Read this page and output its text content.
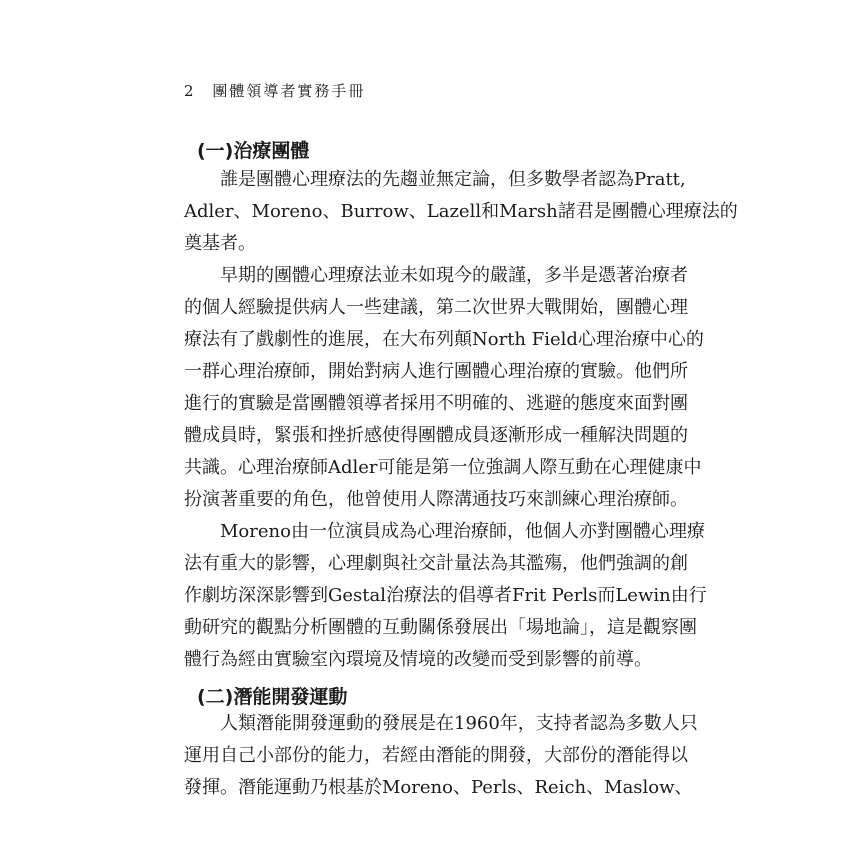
2 團體領導者實務手冊
(一)治療團體
誰是團體心理療法的先趨並無定論，但多數學者認為Pratt,
Adler、Moreno、Burrow、Lazell和Marsh諸君是團體心理療法的
奠基者。
早期的團體心理療法並未如現今的嚴謹，多半是憑著治療者
的個人經驗提供病人一些建議，第二次世界大戰開始，團體心理
療法有了戲劇性的進展，在大布列顛North Field心理治療中心的
一群心理治療師，開始對病人進行團體心理治療的實驗。他們所
進行的實驗是當團體領導者採用不明確的、逃避的態度來面對團
體成員時，緊張和挫折感使得團體成員逐漸形成一種解決問題的
共識。心理治療師Adler可能是第一位強調人際互動在心理健康中
扮演著重要的角色，他曾使用人際溝通技巧來訓練心理治療師。
Moreno由一位演員成為心理治療師，他個人亦對團體心理療
法有重大的影響，心理劇與社交計量法為其濫殤，他們強調的創
作劇坊深深影響到Gestal治療法的倡導者Frit Perls而Lewin由行
動研究的觀點分析團體的互動關係發展出「場地論」，這是觀察團
體行為經由實驗室內環境及情境的改變而受到影響的前導。
(二)潛能開發運動
人類潛能開發運動的發展是在1960年，支持者認為多數人只
運用自己小部份的能力，若經由潛能的開發，大部份的潛能得以
發揮。潛能運動乃根基於Moreno、Perls、Reich、Maslow、
